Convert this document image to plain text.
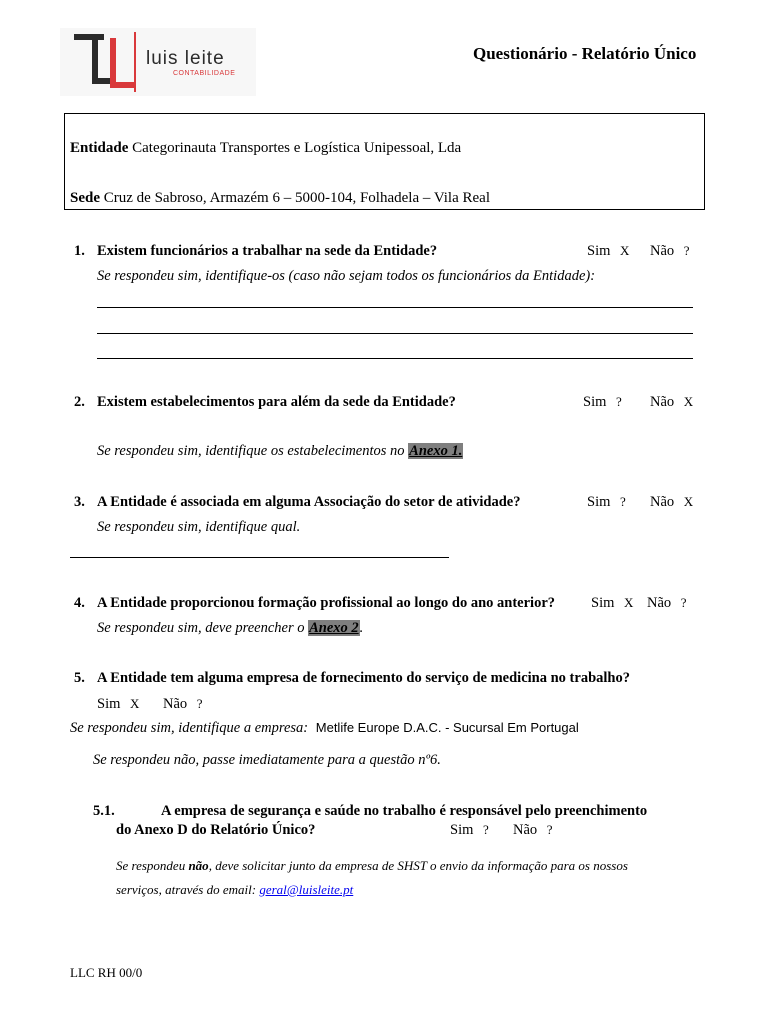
luis leite
CONTABILIDADE
Questionário - Relatório Único
Entidade Categorinauta Transportes e Logística Unipessoal, Lda
Sede Cruz de Sabroso, Armazém 6 – 5000-104, Folhadela – Vila Real
1. Existem funcionários a trabalhar na sede da Entidade?	Sim X Não ?
Se respondeu sim, identifique-os (caso não sejam todos os funcionários da Entidade):
2. Existem estabelecimentos para além da sede da Entidade?	Sim ? Não X
Se respondeu sim, identifique os estabelecimentos no Anexo 1.
3. A Entidade é associada em alguma Associação do setor de atividade?	Sim ? Não X
Se respondeu sim, identifique qual.
4. A Entidade proporcionou formação profissional ao longo do ano anterior? Sim X Não ?
Se respondeu sim, deve preencher o Anexo 2.
5. A Entidade tem alguma empresa de fornecimento do serviço de medicina no trabalho?
Sim X Não ?
Se respondeu sim, identifique a empresa: Metlife Europe D.A.C. - Sucursal Em Portugal
Se respondeu não, passe imediatamente para a questão nº6.
5.1.	A empresa de segurança e saúde no trabalho é responsável pelo preenchimento
do Anexo D do Relatório Único?	Sim ? Não ?
Se respondeu não, deve solicitar junto da empresa de SHST o envio da informação para os nossos
serviços, através do email: geral@luisleite.pt
LLC RH 00/0
